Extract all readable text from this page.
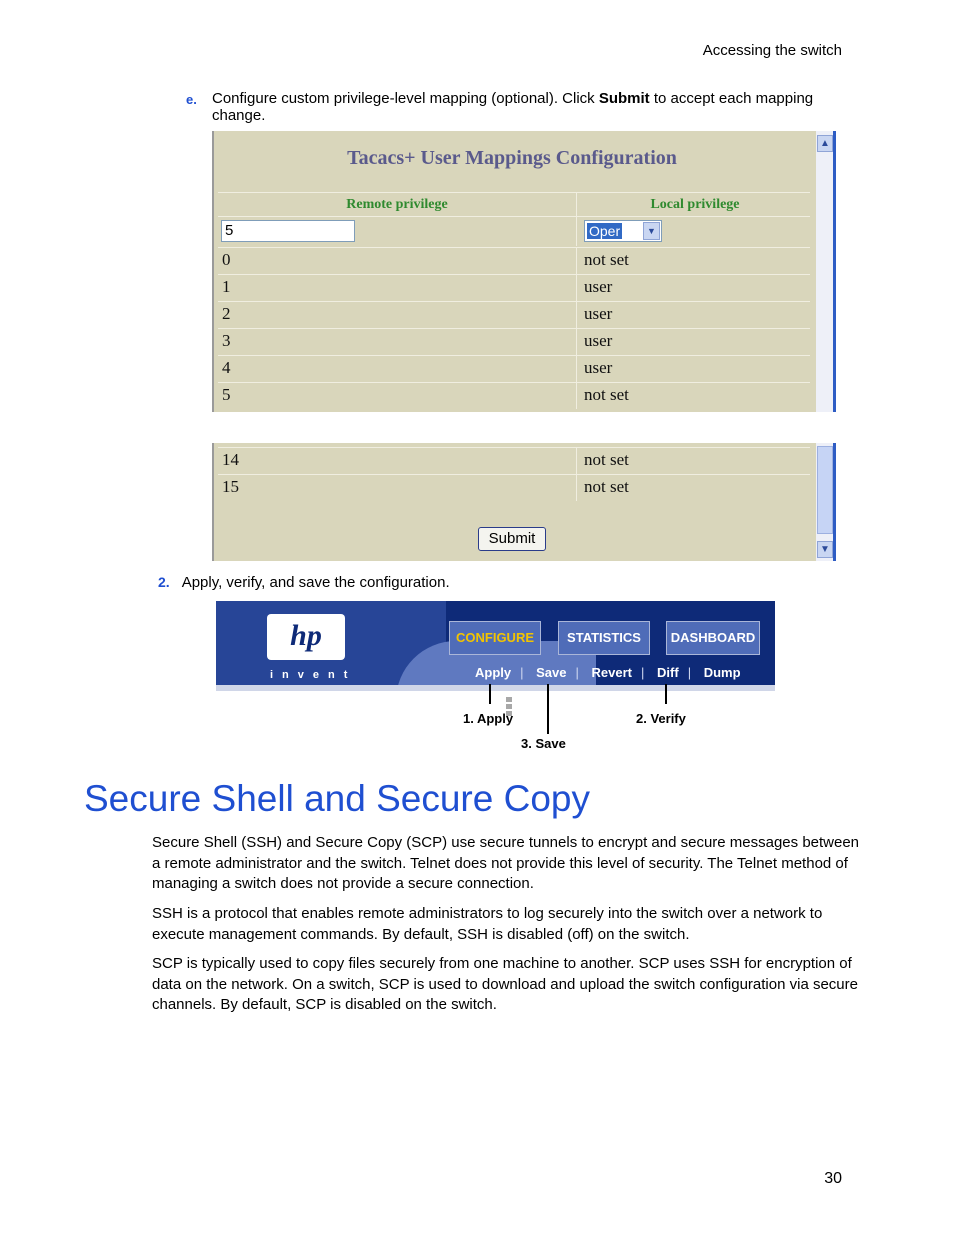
Accessing the switch
e. Configure custom privilege-level mapping (optional). Click Submit to accept each mapping change.
Tacacs+ User Mappings Configuration
Remote privilege	Local privilege
5	Oper	▼
0	not set
1	user
2	user
3	user
4	user
5	not set
▲
14	not set
15	not set
Submit
▼
2. Apply, verify, and save the configuration.
hp
invent
CONFIGURE	STATISTICS	DASHBOARD
Apply | Save | Revert | Diff | Dump
1. Apply	2. Verify
3. Save
Secure Shell and Secure Copy
Secure Shell (SSH) and Secure Copy (SCP) use secure tunnels to encrypt and secure messages between a remote administrator and the switch. Telnet does not provide this level of security. The Telnet method of managing a switch does not provide a secure connection.
SSH is a protocol that enables remote administrators to log securely into the switch over a network to execute management commands. By default, SSH is disabled (off) on the switch.
SCP is typically used to copy files securely from one machine to another. SCP uses SSH for encryption of data on the network. On a switch, SCP is used to download and upload the switch configuration via secure channels. By default, SCP is disabled on the switch.
30
